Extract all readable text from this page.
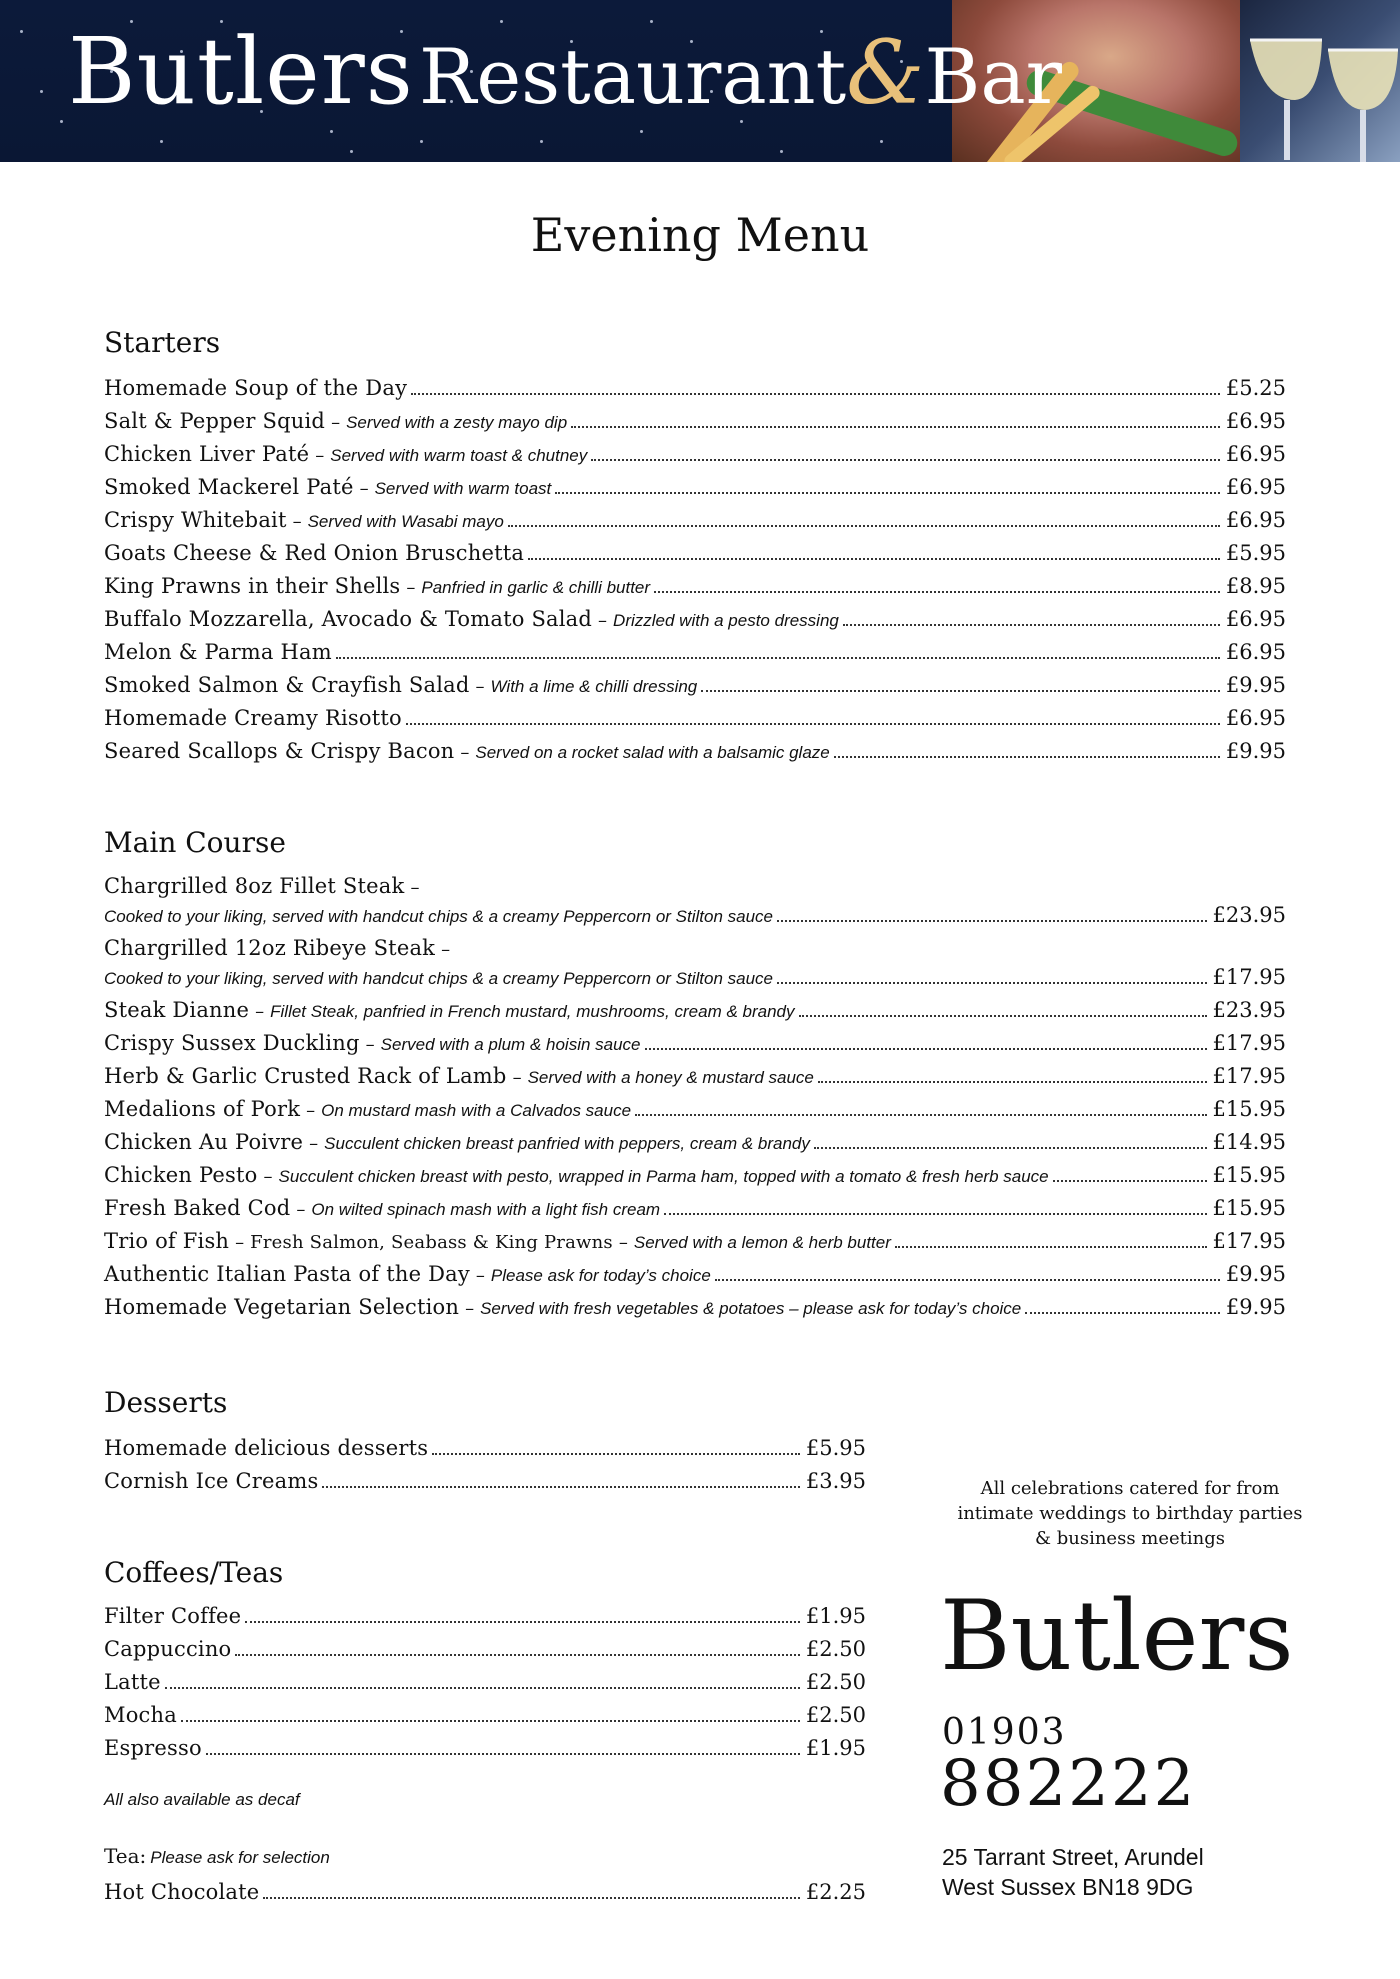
Butlers Restaurant&Bar
Evening Menu
Starters
Homemade Soup of the Day	£5.25
Salt & Pepper Squid – Served with a zesty mayo dip	£6.95
Chicken Liver Paté – Served with warm toast & chutney	£6.95
Smoked Mackerel Paté – Served with warm toast	£6.95
Crispy Whitebait – Served with Wasabi mayo	£6.95
Goats Cheese & Red Onion Bruschetta	£5.95
King Prawns in their Shells – Panfried in garlic & chilli butter	£8.95
Buffalo Mozzarella, Avocado & Tomato Salad – Drizzled with a pesto dressing	£6.95
Melon & Parma Ham	£6.95
Smoked Salmon & Crayfish Salad – With a lime & chilli dressing	£9.95
Homemade Creamy Risotto	£6.95
Seared Scallops & Crispy Bacon – Served on a rocket salad with a balsamic glaze	£9.95
Main Course
Chargrilled 8oz Fillet Steak –
Cooked to your liking, served with handcut chips & a creamy Peppercorn or Stilton sauce	£23.95
Chargrilled 12oz Ribeye Steak –
Cooked to your liking, served with handcut chips & a creamy Peppercorn or Stilton sauce	£17.95
Steak Dianne – Fillet Steak, panfried in French mustard, mushrooms, cream & brandy	£23.95
Crispy Sussex Duckling – Served with a plum & hoisin sauce	£17.95
Herb & Garlic Crusted Rack of Lamb – Served with a honey & mustard sauce	£17.95
Medalions of Pork – On mustard mash with a Calvados sauce	£15.95
Chicken Au Poivre – Succulent chicken breast panfried with peppers, cream & brandy	£14.95
Chicken Pesto – Succulent chicken breast with pesto, wrapped in Parma ham, topped with a tomato & fresh herb sauce	£15.95
Fresh Baked Cod – On wilted spinach mash with a light fish cream	£15.95
Trio of Fish – Fresh Salmon, Seabass & King Prawns – Served with a lemon & herb butter	£17.95
Authentic Italian Pasta of the Day – Please ask for today’s choice	£9.95
Homemade Vegetarian Selection – Served with fresh vegetables & potatoes – please ask for today’s choice	£9.95
Desserts
Homemade delicious desserts	£5.95
Cornish Ice Creams	£3.95
Coffees/Teas
Filter Coffee	£1.95
Cappuccino	£2.50
Latte	£2.50
Mocha	£2.50
Espresso	£1.95
All also available as decaf
Tea: Please ask for selection
Hot Chocolate	£2.25
All celebrations catered for from
intimate weddings to birthday parties
& business meetings
Butlers
01903
882222
25 Tarrant Street, Arundel
West Sussex BN18 9DG
